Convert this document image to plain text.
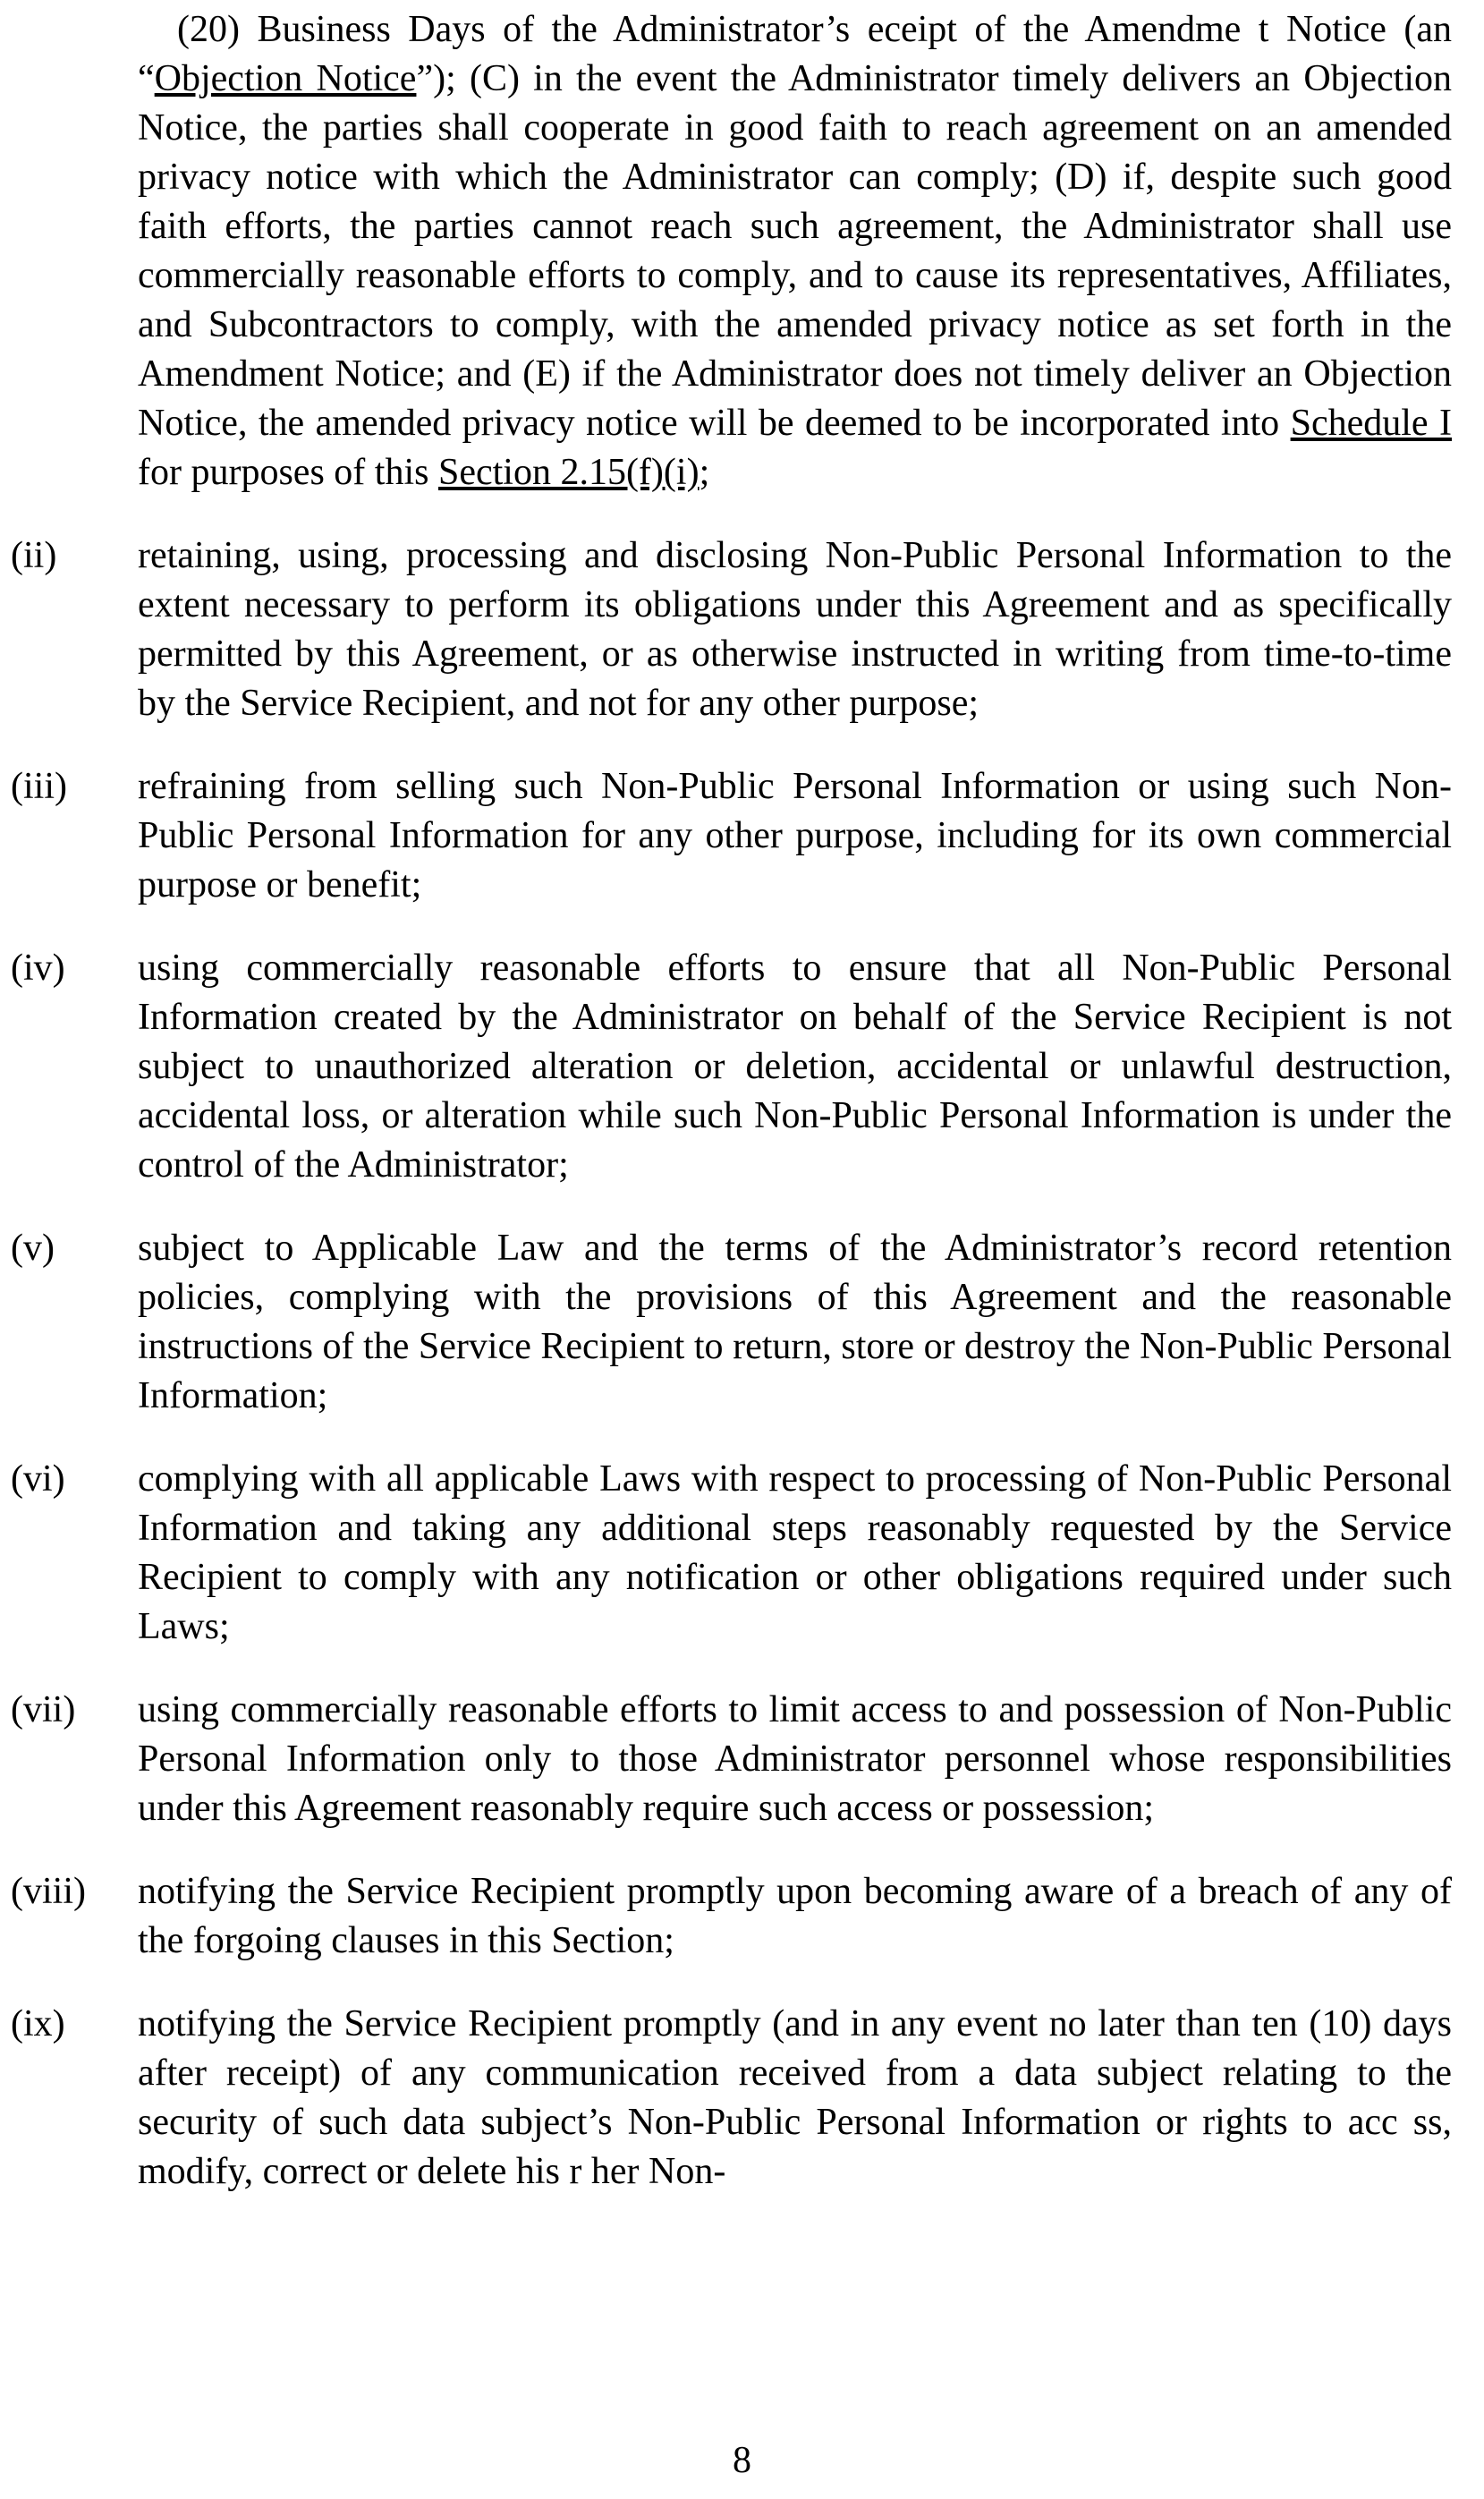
(20) Business Days of the Administrator’s eceipt of the Amendme t Notice (an “Objection Notice”); (C) in the event the Administrator timely delivers an Objection Notice, the parties shall cooperate in good faith to reach agreement on an amended privacy notice with which the Administrator can comply; (D) if, despite such good faith efforts, the parties cannot reach such agreement, the Administrator shall use commercially reasonable efforts to comply, and to cause its representatives, Affiliates, and Subcontractors to comply, with the amended privacy notice as set forth in the Amendment Notice; and (E) if the Administrator does not timely deliver an Objection Notice, the amended privacy notice will be deemed to be incorporated into Schedule I for purposes of this Section 2.15(f)(i);

(ii) retaining, using, processing and disclosing Non-Public Personal Information to the extent necessary to perform its obligations under this Agreement and as specifically permitted by this Agreement, or as otherwise instructed in writing from time-to-time by the Service Recipient, and not for any other purpose;
(iii) refraining from selling such Non-Public Personal Information or using such Non-Public Personal Information for any other purpose, including for its own commercial purpose or benefit;
(iv) using commercially reasonable efforts to ensure that all Non-Public Personal Information created by the Administrator on behalf of the Service Recipient is not subject to unauthorized alteration or deletion, accidental or unlawful destruction, accidental loss, or alteration while such Non-Public Personal Information is under the control of the Administrator;
(v) subject to Applicable Law and the terms of the Administrator’s record retention policies, complying with the provisions of this Agreement and the reasonable instructions of the Service Recipient to return, store or destroy the Non-Public Personal Information;
(vi) complying with all applicable Laws with respect to processing of Non-Public Personal Information and taking any additional steps reasonably requested by the Service Recipient to comply with any notification or other obligations required under such Laws;
(vii) using commercially reasonable efforts to limit access to and possession of Non-Public Personal Information only to those Administrator personnel whose responsibilities under this Agreement reasonably require such access or possession;
(viii) notifying the Service Recipient promptly upon becoming aware of a breach of any of the forgoing clauses in this Section;
(ix) notifying the Service Recipient promptly (and in any event no later than ten (10) days after receipt) of any communication received from a data subject relating to the security of such data subject’s Non-Public Personal Information or rights to acc ss, modify, correct or delete his r her Non-
8
